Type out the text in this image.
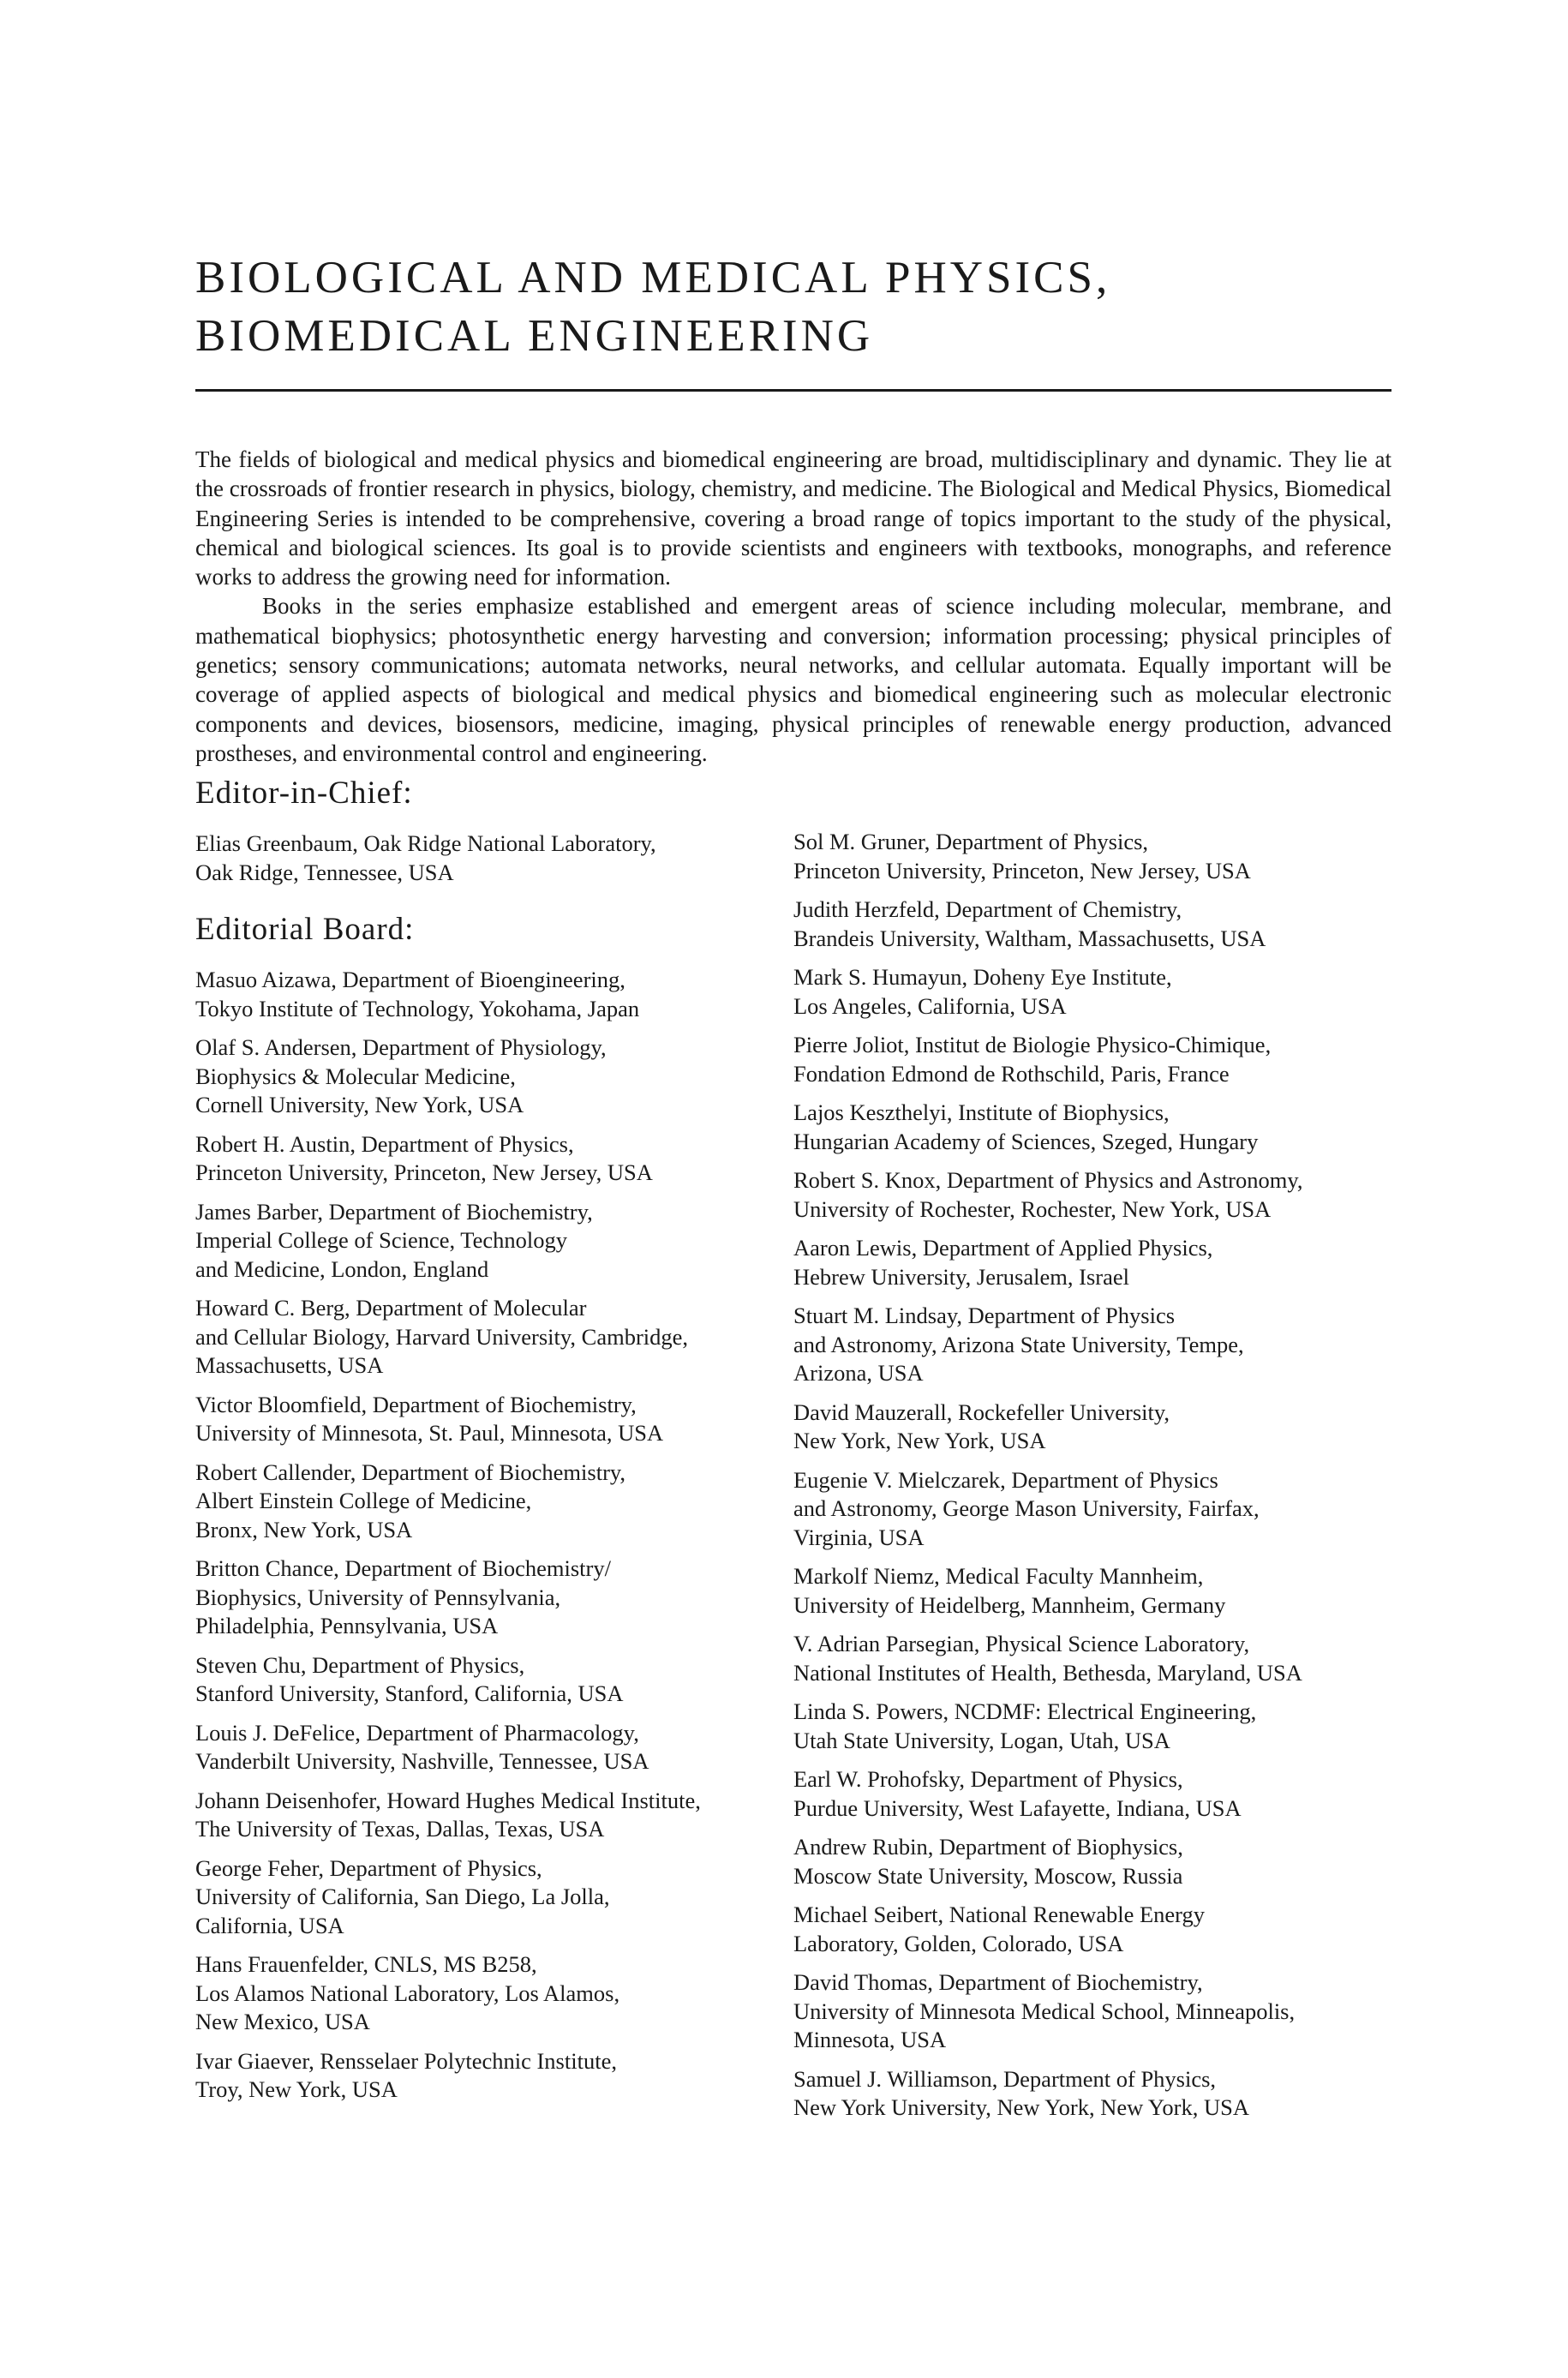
BIOLOGICAL AND MEDICAL PHYSICS,
BIOMEDICAL ENGINEERING

The fields of biological and medical physics and biomedical engineering are broad, multidisciplinary and dynamic. They lie at the crossroads of frontier research in physics, biology, chemistry, and medicine. The Biological and Medical Physics, Biomedical Engineering Series is intended to be comprehensive, covering a broad range of topics important to the study of the physical, chemical and biological sciences. Its goal is to provide scientists and engineers with textbooks, monographs, and reference works to address the growing need for information.

Books in the series emphasize established and emergent areas of science including molecular, membrane, and mathematical biophysics; photosynthetic energy harvesting and conversion; information processing; physical principles of genetics; sensory communications; automata networks, neural networks, and cellular automata. Equally important will be coverage of applied aspects of biological and medical physics and biomedical engineering such as molecular electronic components and devices, biosensors, medicine, imaging, physical principles of renewable energy production, advanced prostheses, and environmental control and engineering.

Editor-in-Chief:

Elias Greenbaum, Oak Ridge National Laboratory,
Oak Ridge, Tennessee, USA

Editorial Board:

Masuo Aizawa, Department of Bioengineering,
Tokyo Institute of Technology, Yokohama, Japan

Olaf S. Andersen, Department of Physiology,
Biophysics & Molecular Medicine,
Cornell University, New York, USA

Robert H. Austin, Department of Physics,
Princeton University, Princeton, New Jersey, USA

James Barber, Department of Biochemistry,
Imperial College of Science, Technology
and Medicine, London, England

Howard C. Berg, Department of Molecular
and Cellular Biology, Harvard University, Cambridge,
Massachusetts, USA

Victor Bloomfield, Department of Biochemistry,
University of Minnesota, St. Paul, Minnesota, USA

Robert Callender, Department of Biochemistry,
Albert Einstein College of Medicine,
Bronx, New York, USA

Britton Chance, Department of Biochemistry/
Biophysics, University of Pennsylvania,
Philadelphia, Pennsylvania, USA

Steven Chu, Department of Physics,
Stanford University, Stanford, California, USA

Louis J. DeFelice, Department of Pharmacology,
Vanderbilt University, Nashville, Tennessee, USA

Johann Deisenhofer, Howard Hughes Medical Institute,
The University of Texas, Dallas, Texas, USA

George Feher, Department of Physics,
University of California, San Diego, La Jolla,
California, USA

Hans Frauenfelder, CNLS, MS B258,
Los Alamos National Laboratory, Los Alamos,
New Mexico, USA

Ivar Giaever, Rensselaer Polytechnic Institute,
Troy, New York, USA

Sol M. Gruner, Department of Physics,
Princeton University, Princeton, New Jersey, USA

Judith Herzfeld, Department of Chemistry,
Brandeis University, Waltham, Massachusetts, USA

Mark S. Humayun, Doheny Eye Institute,
Los Angeles, California, USA

Pierre Joliot, Institut de Biologie Physico-Chimique,
Fondation Edmond de Rothschild, Paris, France

Lajos Keszthelyi, Institute of Biophysics,
Hungarian Academy of Sciences, Szeged, Hungary

Robert S. Knox, Department of Physics and Astronomy,
University of Rochester, Rochester, New York, USA

Aaron Lewis, Department of Applied Physics,
Hebrew University, Jerusalem, Israel

Stuart M. Lindsay, Department of Physics
and Astronomy, Arizona State University, Tempe,
Arizona, USA

David Mauzerall, Rockefeller University,
New York, New York, USA

Eugenie V. Mielczarek, Department of Physics
and Astronomy, George Mason University, Fairfax,
Virginia, USA

Markolf Niemz, Medical Faculty Mannheim,
University of Heidelberg, Mannheim, Germany

V. Adrian Parsegian, Physical Science Laboratory,
National Institutes of Health, Bethesda, Maryland, USA

Linda S. Powers, NCDMF: Electrical Engineering,
Utah State University, Logan, Utah, USA

Earl W. Prohofsky, Department of Physics,
Purdue University, West Lafayette, Indiana, USA

Andrew Rubin, Department of Biophysics,
Moscow State University, Moscow, Russia

Michael Seibert, National Renewable Energy
Laboratory, Golden, Colorado, USA

David Thomas, Department of Biochemistry,
University of Minnesota Medical School, Minneapolis,
Minnesota, USA

Samuel J. Williamson, Department of Physics,
New York University, New York, New York, USA
